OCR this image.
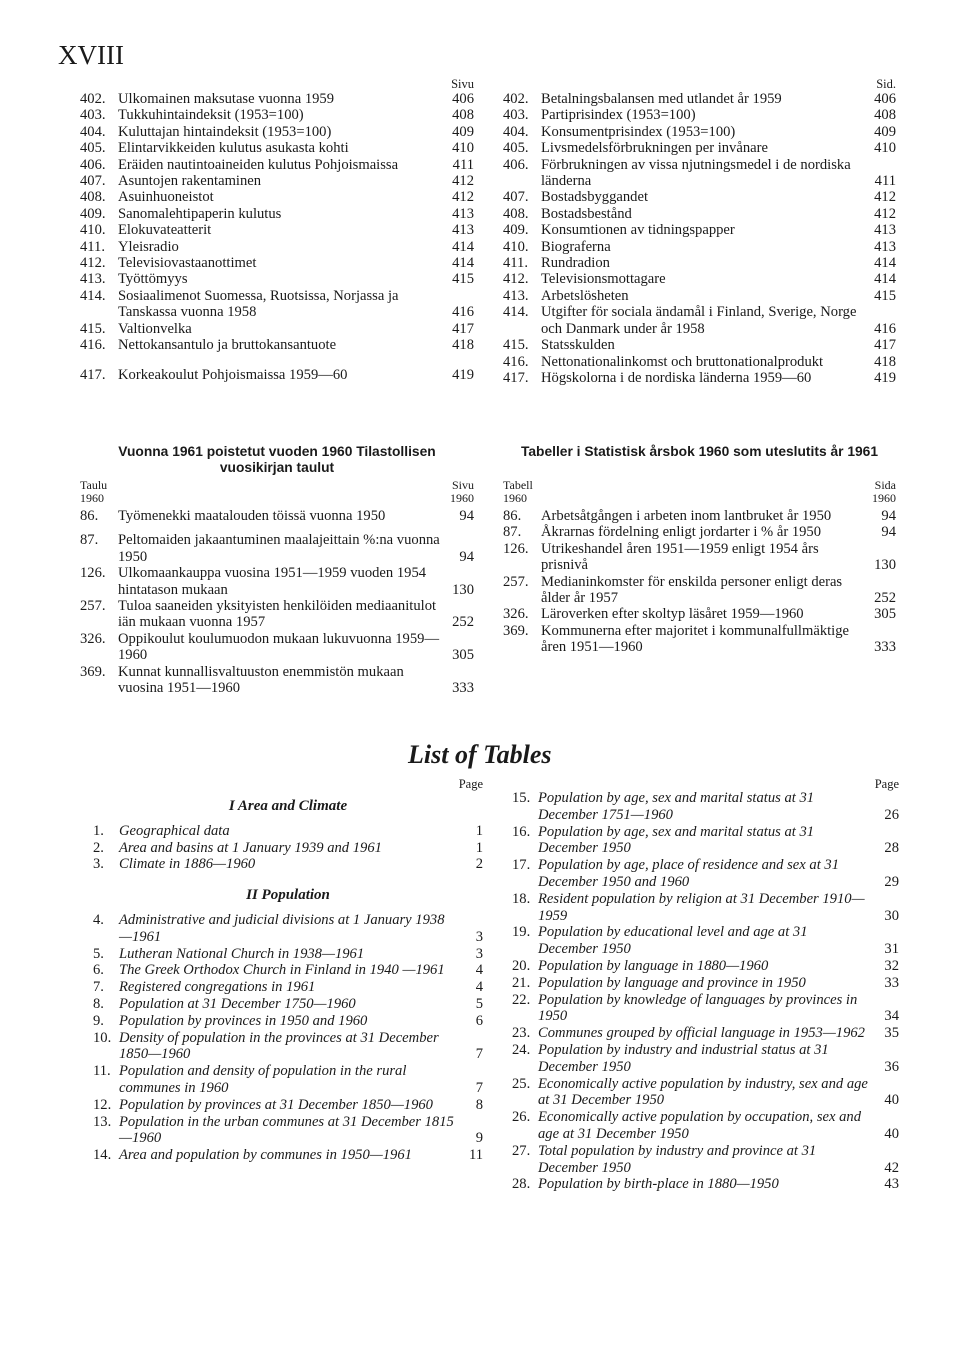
XVIII
Sivu
402. Ulkomainen maksutase vuonna 1959	406
403. Tukkuhintaindeksit (1953=100)	408
404. Kuluttajan hintaindeksit (1953=100)	409
405. Elintarvikkeiden kulutus asukasta kohti	410
406. Eräiden nautintoaineiden kulutus Pohjoismaissa	411
407. Asuntojen rakentaminen	412
408. Asuinhuoneistot	412
409. Sanomalehtipaperin kulutus	413
410. Elokuvateatterit	413
411. Yleisradio	414
412. Televisiovastaanottimet	414
413. Työttömyys	415
414. Sosiaalimenot Suomessa, Ruotsissa, Norjassa ja Tanskassa vuonna 1958	416
415. Valtionvelka	417
416. Nettokansantulo ja bruttokansantuote	418
417. Korkeakoulut Pohjoismaissa 1959—60	419
Sid.
402. Betalningsbalansen med utlandet år 1959	406
403. Partiprisindex (1953=100)	408
404. Konsumentprisindex (1953=100)	409
405. Livsmedelsförbrukningen per invånare	410
406. Förbrukningen av vissa njutningsmedel i de nordiska länderna	411
407. Bostadsbyggandet	412
408. Bostadsbestånd	412
409. Konsumtionen av tidningspapper	413
410. Biograferna	413
411. Rundradion	414
412. Televisionsmottagare	414
413. Arbetslösheten	415
414. Utgifter för sociala ändamål i Finland, Sverige, Norge och Danmark under år 1958	416
415. Statsskulden	417
416. Nettonationalinkomst och bruttonationalprodukt	418
417. Högskolorna i de nordiska länderna 1959—60	419
Vuonna 1961 poistetut vuoden 1960 Tilastollisen vuosikirjan taulut
Tabeller i Statistisk årsbok 1960 som uteslutits år 1961
Taulu
1960
Sivu
1960
86.	Työmenekki maatalouden töissä vuonna 1950	94
87.	Peltomaiden jakaantuminen maalajeittain %:na vuonna 1950	94
126. Ulkomaankauppa vuosina 1951—1959 vuoden 1954 hintatason mukaan	130
257. Tuloa saaneiden yksityisten henkilöiden mediaanitulot iän mukaan vuonna 1957	252
326. Oppikoulut koulumuodon mukaan lukuvuonna 1959—1960	305
369. Kunnat kunnallisvaltuuston enemmistön mukaan vuosina 1951—1960	333
Tabell
1960
Sida
1960
86.	Arbetsåtgången i arbeten inom lantbruket år 1950	94
87.	Åkrarnas fördelning enligt jordarter i % år 1950	94
126. Utrikeshandel åren 1951—1959 enligt 1954 års prisnivå	130
257. Medianinkomster för enskilda personer enligt deras ålder år 1957	252
326. Läroverken efter skoltyp läsåret 1959—1960	305
369. Kommunerna efter majoritet i kommunalfullmäktige åren 1951—1960	333
List of Tables
Page
I Area and Climate
1.	Geographical data	1
2.	Area and basins at 1 January 1939 and 1961	1
3.	Climate in 1886—1960	2
II Population
4.	Administrative and judicial divisions at 1 January 1938—1961	3
5.	Lutheran National Church in 1938—1961	3
6.	The Greek Orthodox Church in Finland in 1940 —1961	4
7.	Registered congregations in 1961	4
8.	Population at 31 December 1750—1960	5
9.	Population by provinces in 1950 and 1960	6
10. Density of population in the provinces at 31 December 1850—1960	7
11. Population and density of population in the rural communes in 1960	7
12. Population by provinces at 31 December 1850—1960	8
13. Population in the urban communes at 31 December 1815—1960	9
14. Area and population by communes in 1950—1961	11
Page
15. Population by age, sex and marital status at 31 December 1751—1960	26
16. Population by age, sex and marital status at 31 December 1950	28
17. Population by age, place of residence and sex at 31 December 1950 and 1960	29
18. Resident population by religion at 31 December 1910—1959	30
19. Population by educational level and age at 31 December 1950	31
20. Population by language in 1880—1960	32
21. Population by language and province in 1950	33
22. Population by knowledge of languages by provinces in 1950	34
23. Communes grouped by official language in 1953—1962	35
24. Population by industry and industrial status at 31 December 1950	36
25. Economically active population by industry, sex and age at 31 December 1950	40
26. Economically active population by occupation, sex and age at 31 December 1950	40
27. Total population by industry and province at 31 December 1950	42
28. Population by birth-place in 1880—1950	43
